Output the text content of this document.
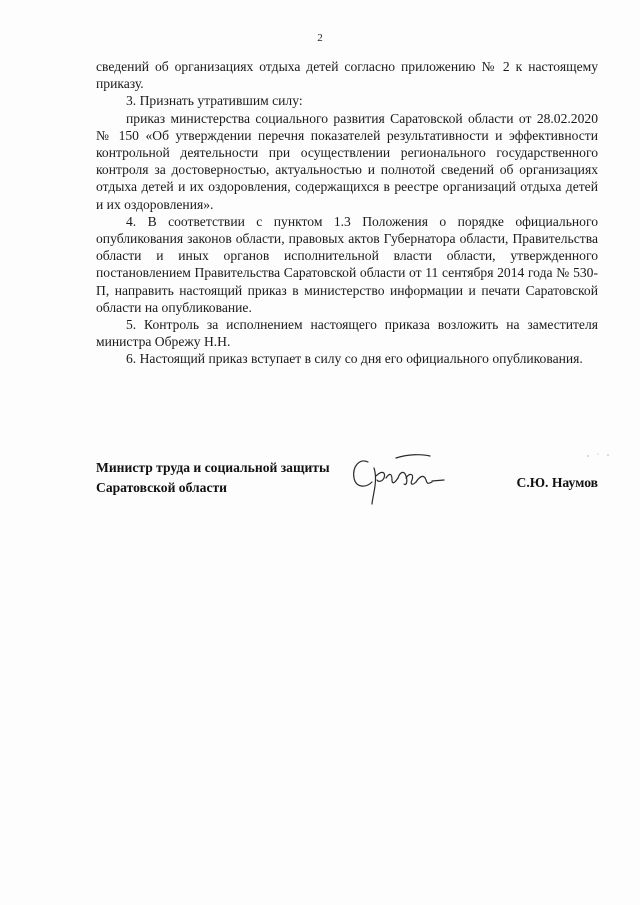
2

сведений об организациях отдыха детей согласно приложению № 2 к настоящему приказу.

3. Признать утратившим силу:

приказ министерства социального развития Саратовской области от 28.02.2020 № 150 «Об утверждении перечня показателей результативности и эффективности контрольной деятельности при осуществлении регионального государственного контроля за достоверностью, актуальностью и полнотой сведений об организациях отдыха детей и их оздоровления, содержащихся в реестре организаций отдыха детей и их оздоровления».

4. В соответствии с пунктом 1.3 Положения о порядке официального опубликования законов области, правовых актов Губернатора области, Правительства области и иных органов исполнительной власти области, утвержденного постановлением Правительства Саратовской области от 11 сентября 2014 года № 530-П, направить настоящий приказ в министерство информации и печати Саратовской области на опубликование.

5. Контроль за исполнением настоящего приказа возложить на заместителя министра Обрежу Н.Н.

6. Настоящий приказ вступает в силу со дня его официального опубликования.

Министр труда и социальной защиты
Саратовской области	С.Ю. Наумов
